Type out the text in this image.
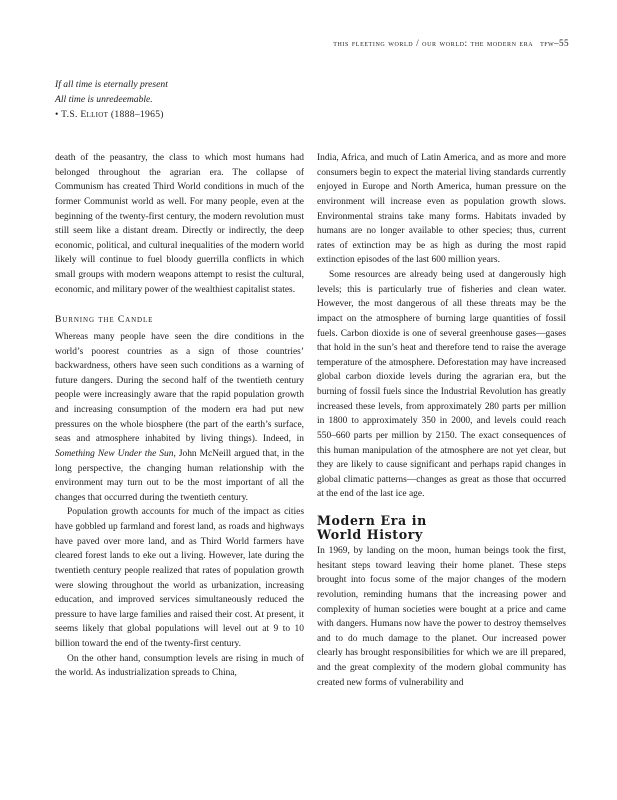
this fleeting world / our world: the modern era tfw–55
If all time is eternally present
All time is unredeemable.
• T.S. Elliot (1888–1965)

death of the peasantry, the class to which most humans had belonged throughout the agrarian era. The collapse of Communism has created Third World conditions in much of the former Communist world as well. For many people, even at the beginning of the twenty-first century, the modern revolution must still seem like a distant dream. Directly or indirectly, the deep economic, political, and cultural inequalities of the modern world likely will continue to fuel bloody guerrilla conflicts in which small groups with modern weapons attempt to resist the cultural, economic, and military power of the wealthiest capitalist states.

Burning the Candle

Whereas many people have seen the dire conditions in the world’s poorest countries as a sign of those countries’ backwardness, others have seen such conditions as a warning of future dangers. During the second half of the twentieth century people were increasingly aware that the rapid population growth and increasing consumption of the modern era had put new pressures on the whole biosphere (the part of the earth’s surface, seas and atmosphere inhabited by living things). Indeed, in Something New Under the Sun, John McNeill argued that, in the long perspective, the changing human relationship with the environment may turn out to be the most important of all the changes that occurred during the twentieth century.

Population growth accounts for much of the impact as cities have gobbled up farmland and forest land, as roads and highways have paved over more land, and as Third World farmers have cleared forest lands to eke out a living. However, late during the twentieth century people realized that rates of population growth were slowing throughout the world as urbanization, increasing education, and improved services simultaneously reduced the pressure to have large families and raised their cost. At present, it seems likely that global populations will level out at 9 to 10 billion toward the end of the twenty-first century.

On the other hand, consumption levels are rising in much of the world. As industrialization spreads to China,

India, Africa, and much of Latin America, and as more and more consumers begin to expect the material living standards currently enjoyed in Europe and North America, human pressure on the environment will increase even as population growth slows. Environmental strains take many forms. Habitats invaded by humans are no longer available to other species; thus, current rates of extinction may be as high as during the most rapid extinction episodes of the last 600 million years.

Some resources are already being used at dangerously high levels; this is particularly true of fisheries and clean water. However, the most dangerous of all these threats may be the impact on the atmosphere of burning large quantities of fossil fuels. Carbon dioxide is one of several greenhouse gases—gases that hold in the sun’s heat and therefore tend to raise the average temperature of the atmosphere. Deforestation may have increased global carbon dioxide levels during the agrarian era, but the burning of fossil fuels since the Industrial Revolution has greatly increased these levels, from approximately 280 parts per million in 1800 to approximately 350 in 2000, and levels could reach 550–660 parts per million by 2150. The exact consequences of this human manipulation of the atmosphere are not yet clear, but they are likely to cause significant and perhaps rapid changes in global climatic patterns—changes as great as those that occurred at the end of the last ice age.

Modern Era in
World History

In 1969, by landing on the moon, human beings took the first, hesitant steps toward leaving their home planet. These steps brought into focus some of the major changes of the modern revolution, reminding humans that the increasing power and complexity of human societies were bought at a price and came with dangers. Humans now have the power to destroy themselves and to do much damage to the planet. Our increased power clearly has brought responsibilities for which we are ill prepared, and the great complexity of the modern global community has created new forms of vulnerability and
